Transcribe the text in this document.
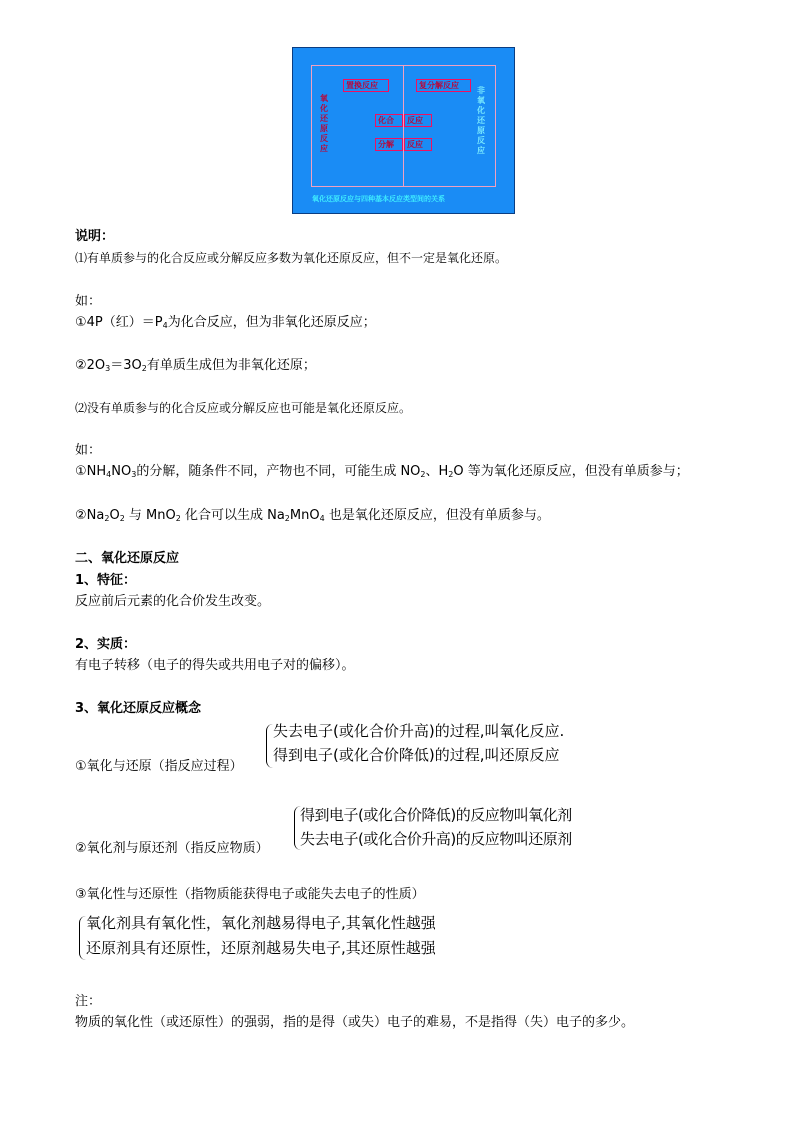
置换反应	复分解反应
化合 反应
分解 反应
氧化还原反应
非氧化还原反应
氧化还原反应与四种基本反应类型间的关系
说明：
⑴有单质参与的化合反应或分解反应多数为氧化还原反应，但不一定是氧化还原。
如：
①4P（红）$=P_4$为化合反应，但为非氧化还原反应；
$②2O_3=3O_2$有单质生成但为非氧化还原；
⑵没有单质参与的化合反应或分解反应也可能是氧化还原反应。
如：
$①NH_4NO_3$的分解，随条件不同，产物也不同，可能生成 $NO_2$、$H_2O$ 等为氧化还原反应，但没有单质参与；
$②Na_2O_2$ 与 MnO$_2$ 化合可以生成 $Na_2MnO_4$ 也是氧化还原反应，但没有单质参与。
二、氧化还原反应
1、特征：
反应前后元素的化合价发生改变。
2、实质：
有电子转移（电子的得失或共用电子对的偏移）。
3、氧化还原反应概念
①氧化与还原（指反应过程）
失去电子(或化合价升高)的过程,叫氧化反应.
得到电子(或化合价降低)的过程,叫还原反应
②氧化剂与原还剂（指反应物质）
得到电子(或化合价降低)的反应物叫氧化剂
失去电子(或化合价升高)的反应物叫还原剂
③氧化性与还原性（指物质能获得电子或能失去电子的性质）
氧化剂具有氧化性，氧化剂越易得电子,其氧化性越强
还原剂具有还原性，还原剂越易失电子,其还原性越强
注：
物质的氧化性（或还原性）的强弱，指的是得（或失）电子的难易，不是指得（失）电子的多少。
